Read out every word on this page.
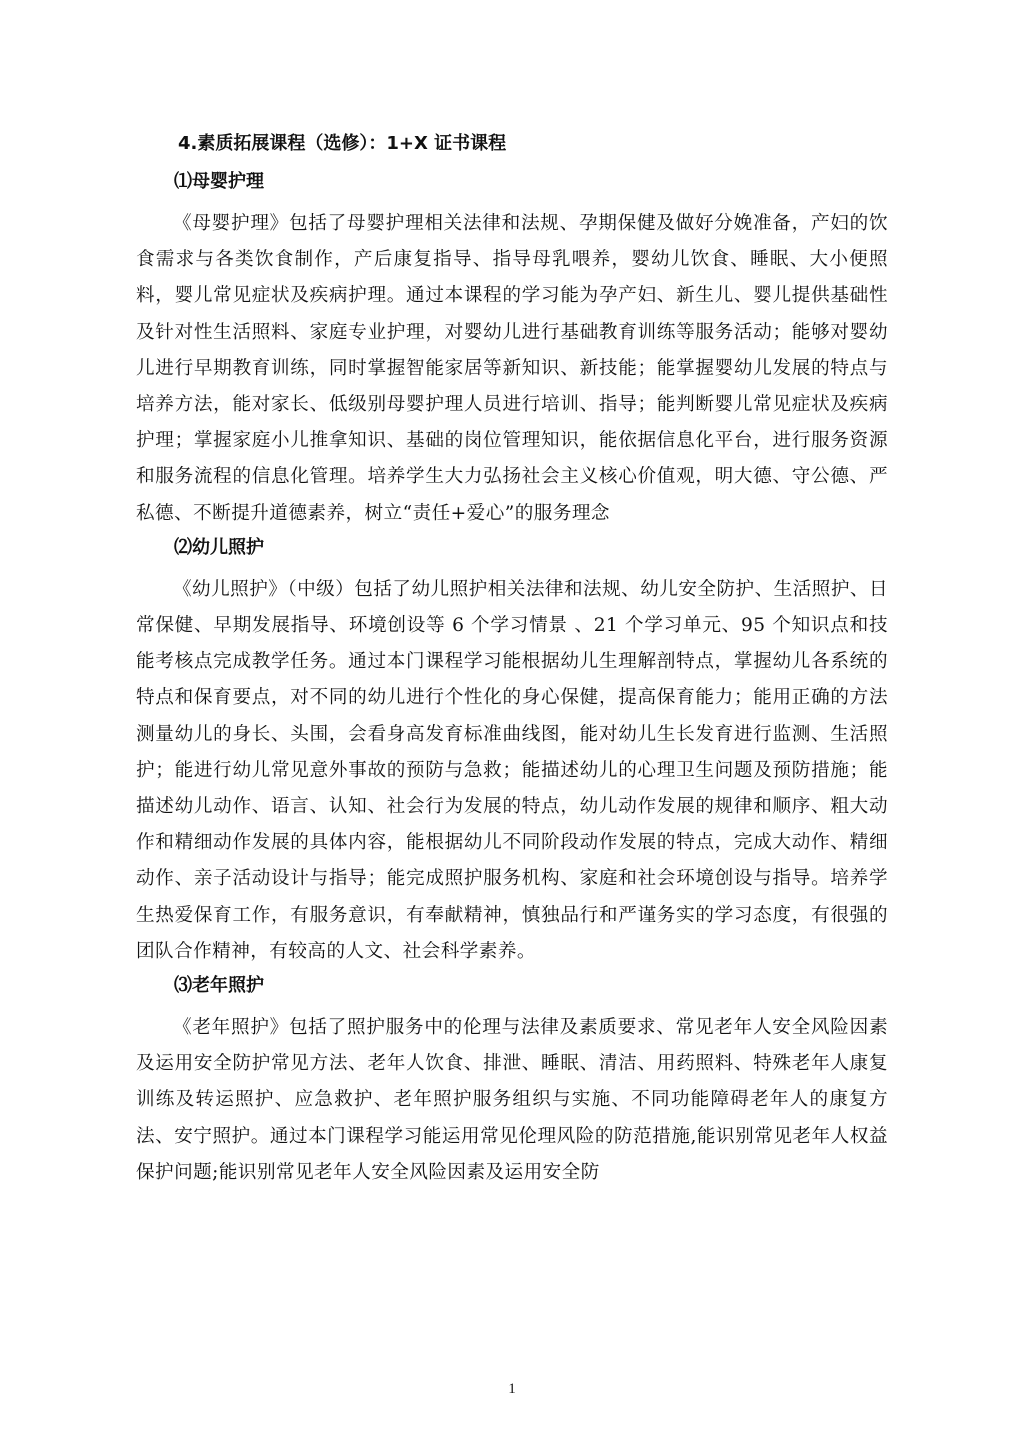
4.素质拓展课程（选修）：1+X 证书课程
⑴母婴护理

《母婴护理》包括了母婴护理相关法律和法规、孕期保健及做好分娩准备，产妇的饮食需求与各类饮食制作，产后康复指导、指导母乳喂养，婴幼儿饮食、睡眠、大小便照料，婴儿常见症状及疾病护理。通过本课程的学习能为孕产妇、新生儿、婴儿提供基础性及针对性生活照料、家庭专业护理，对婴幼儿进行基础教育训练等服务活动；能够对婴幼儿进行早期教育训练，同时掌握智能家居等新知识、新技能；能掌握婴幼儿发展的特点与培养方法，能对家长、低级别母婴护理人员进行培训、指导；能判断婴儿常见症状及疾病护理；掌握家庭小儿推拿知识、基础的岗位管理知识，能依据信息化平台，进行服务资源和服务流程的信息化管理。培养学生大力弘扬社会主义核心价值观，明大德、守公德、严私德、不断提升道德素养，树立“责任+爱心”的服务理念

⑵幼儿照护

《幼儿照护》（中级）包括了幼儿照护相关法律和法规、幼儿安全防护、生活照护、日常保健、早期发展指导、环境创设等 6 个学习情景 、21 个学习单元、95 个知识点和技能考核点完成教学任务。通过本门课程学习能根据幼儿生理解剖特点，掌握幼儿各系统的特点和保育要点，对不同的幼儿进行个性化的身心保健，提高保育能力；能用正确的方法测量幼儿的身长、头围，会看身高发育标准曲线图，能对幼儿生长发育进行监测、生活照护；能进行幼儿常见意外事故的预防与急救；能描述幼儿的心理卫生问题及预防措施；能描述幼儿动作、语言、认知、社会行为发展的特点，幼儿动作发展的规律和顺序、粗大动作和精细动作发展的具体内容，能根据幼儿不同阶段动作发展的特点，完成大动作、精细动作、亲子活动设计与指导；能完成照护服务机构、家庭和社会环境创设与指导。培养学生热爱保育工作，有服务意识，有奉献精神，慎独品行和严谨务实的学习态度，有很强的团队合作精神，有较高的人文、社会科学素养。

⑶老年照护

《老年照护》包括了照护服务中的伦理与法律及素质要求、常见老年人安全风险因素及运用安全防护常见方法、老年人饮食、排泄、睡眠、清洁、用药照料、特殊老年人康复训练及转运照护、应急救护、老年照护服务组织与实施、不同功能障碍老年人的康复方法、安宁照护。通过本门课程学习能运用常见伦理风险的防范措施,能识别常见老年人权益保护问题;能识别常见老年人安全风险因素及运用安全防

1
